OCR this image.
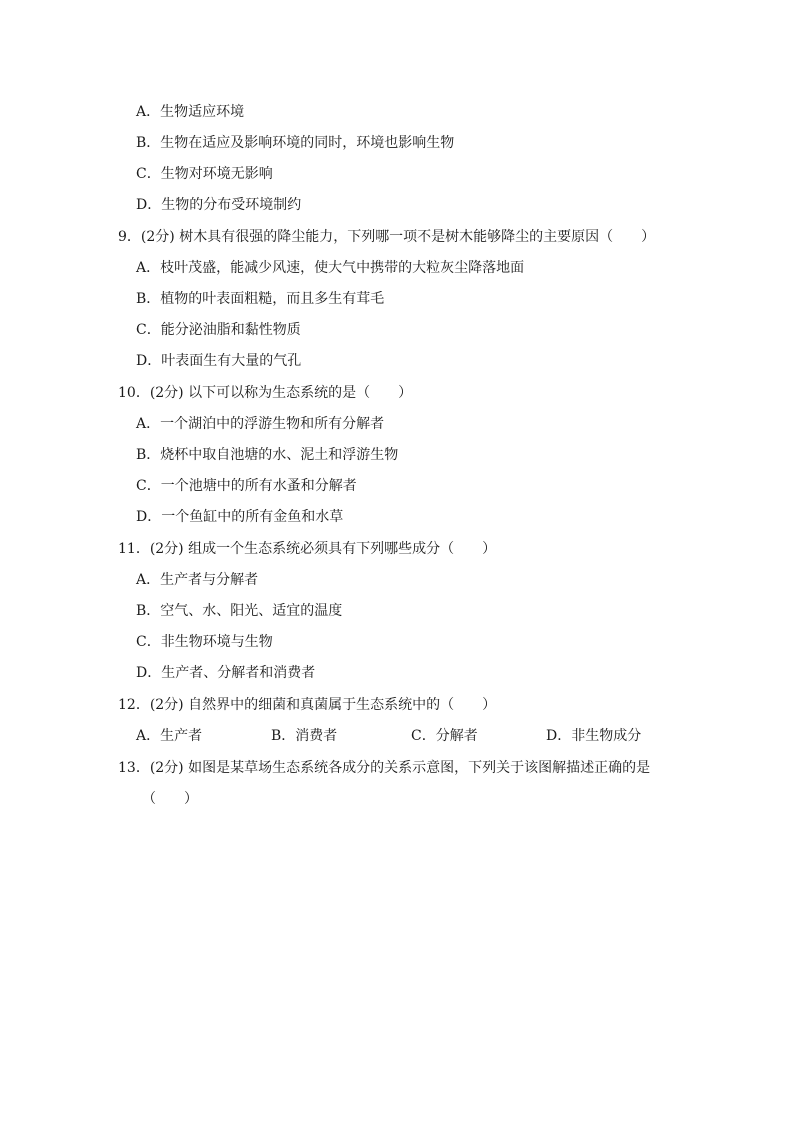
A．生物适应环境
B．生物在适应及影响环境的同时，环境也影响生物
C．生物对环境无影响
D．生物的分布受环境制约
9．(2分) 树木具有很强的降尘能力，下列哪一项不是树木能够降尘的主要原因（　　）
A．枝叶茂盛，能减少风速，使大气中携带的大粒灰尘降落地面
B．植物的叶表面粗糙，而且多生有茸毛
C．能分泌油脂和黏性物质
D．叶表面生有大量的气孔
10．(2分) 以下可以称为生态系统的是（　　）
A．一个湖泊中的浮游生物和所有分解者
B．烧杯中取自池塘的水、泥土和浮游生物
C．一个池塘中的所有水蚤和分解者
D．一个鱼缸中的所有金鱼和水草
11．(2分) 组成一个生态系统必须具有下列哪些成分（　　）
A．生产者与分解者
B．空气、水、阳光、适宜的温度
C．非生物环境与生物
D．生产者、分解者和消费者
12．(2分) 自然界中的细菌和真菌属于生态系统中的（　　）
A．生产者	B．消费者	C．分解者	D．非生物成分
13．(2分) 如图是某草场生态系统各成分的关系示意图，下列关于该图解描述正确的是
（　　）
